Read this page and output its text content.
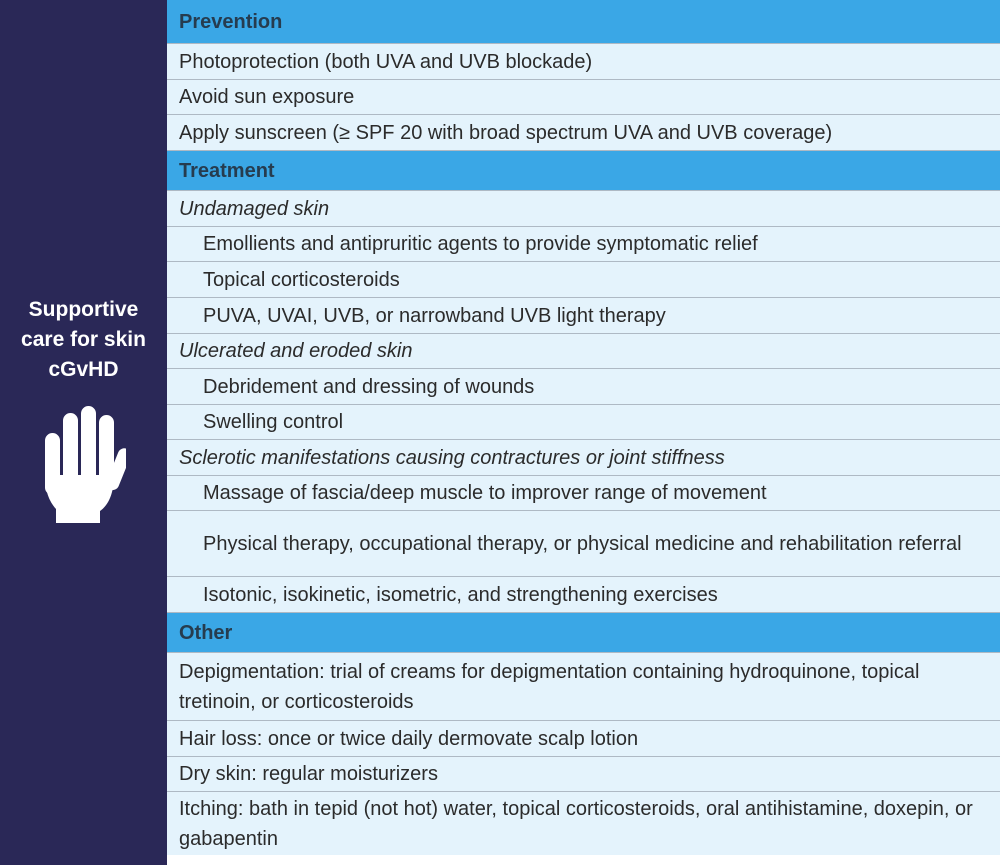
Supportive care for skin cGvHD
Prevention
Photoprotection (both UVA and UVB blockade)
Avoid sun exposure
Apply sunscreen (≥ SPF 20 with broad spectrum UVA and UVB coverage)
Treatment
Undamaged skin
Emollients and antipruritic agents to provide symptomatic relief
Topical corticosteroids
PUVA, UVAI, UVB, or narrowband UVB light therapy
Ulcerated and eroded skin
Debridement and dressing of wounds
Swelling control
Sclerotic manifestations causing contractures or joint stiffness
Massage of fascia/deep muscle to improver range of movement
Physical therapy, occupational therapy, or physical medicine and rehabilitation referral
Isotonic, isokinetic, isometric, and strengthening exercises
Other
Depigmentation: trial of creams for depigmentation containing hydroquinone, topical tretinoin, or corticosteroids
Hair loss: once or twice daily dermovate scalp lotion
Dry skin: regular moisturizers
Itching: bath in tepid (not hot) water, topical corticosteroids, oral antihistamine, doxepin, or gabapentin
